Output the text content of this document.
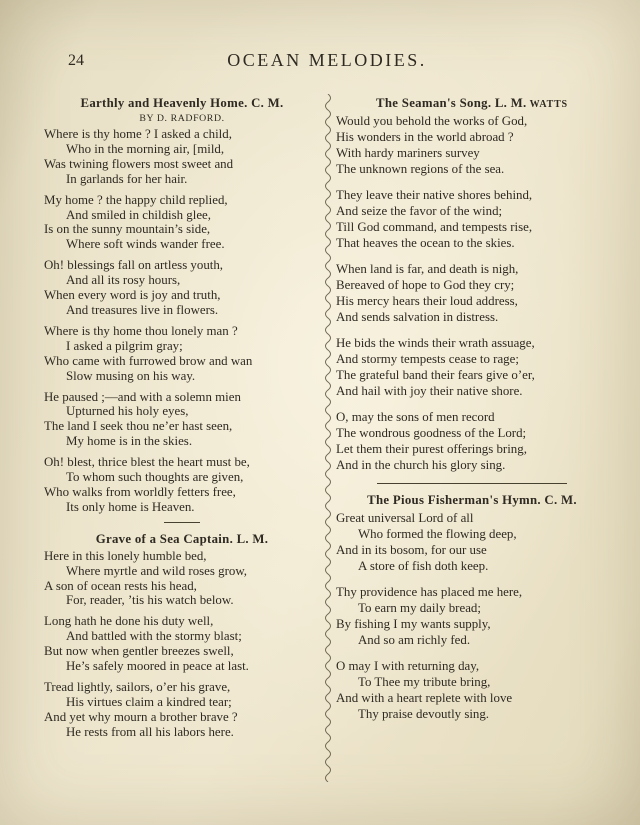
24	OCEAN MELODIES.
Earthly and Heavenly Home. C. M.
BY D. RADFORD.
Where is thy home ? I asked a child,
Who in the morning air, [mild,
Was twining flowers most sweet and
In garlands for her hair.
My home ? the happy child replied,
And smiled in childish glee,
Is on the sunny mountain’s side,
Where soft winds wander free.
Oh! blessings fall on artless youth,
And all its rosy hours,
When every word is joy and truth,
And treasures live in flowers.
Where is thy home thou lonely man ?
I asked a pilgrim gray;
Who came with furrowed brow and wan
Slow musing on his way.
He paused ;—and with a solemn mien
Upturned his holy eyes,
The land I seek thou ne’er hast seen,
My home is in the skies.
Oh! blest, thrice blest the heart must be,
To whom such thoughts are given,
Who walks from worldly fetters free,
Its only home is Heaven.
Grave of a Sea Captain. L. M.
Here in this lonely humble bed,
Where myrtle and wild roses grow,
A son of ocean rests his head,
For, reader, ’tis his watch below.
Long hath he done his duty well,
And battled with the stormy blast;
But now when gentler breezes swell,
He’s safely moored in peace at last.
Tread lightly, sailors, o’er his grave,
His virtues claim a kindred tear;
And yet why mourn a brother brave ?
He rests from all his labors here.
The Seaman's Song. L. M. WATTS
Would you behold the works of God,
His wonders in the world abroad ?
With hardy mariners survey
The unknown regions of the sea.
They leave their native shores behind,
And seize the favor of the wind;
Till God command, and tempests rise,
That heaves the ocean to the skies.
When land is far, and death is nigh,
Bereaved of hope to God they cry;
His mercy hears their loud address,
And sends salvation in distress.
He bids the winds their wrath assuage,
And stormy tempests cease to rage;
The grateful band their fears give o’er,
And hail with joy their native shore.
O, may the sons of men record
The wondrous goodness of the Lord;
Let them their purest offerings bring,
And in the church his glory sing.
The Pious Fisherman's Hymn. C. M.
Great universal Lord of all
Who formed the flowing deep,
And in its bosom, for our use
A store of fish doth keep.
Thy providence has placed me here,
To earn my daily bread;
By fishing I my wants supply,
And so am richly fed.
O may I with returning day,
To Thee my tribute bring,
And with a heart replete with love
Thy praise devoutly sing.
